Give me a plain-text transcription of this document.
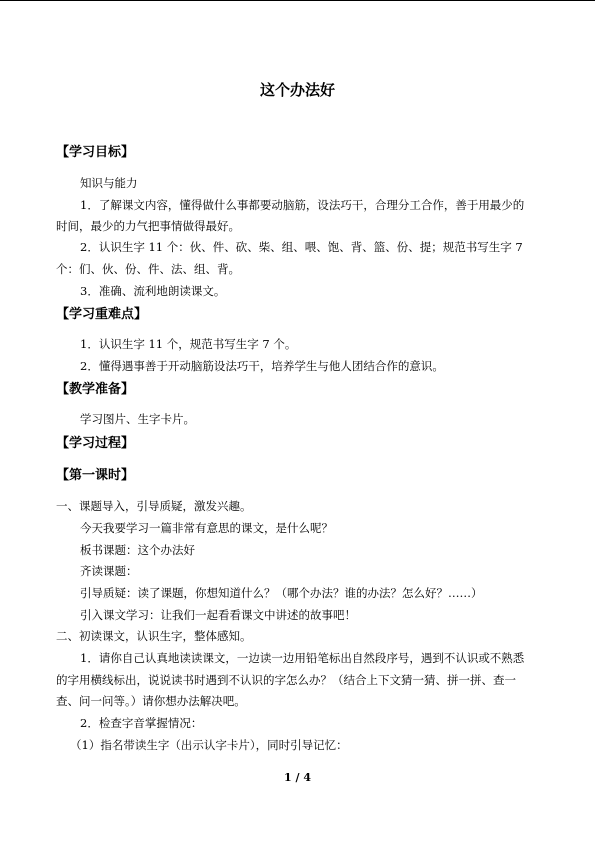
这个办法好
【学习目标】
知识与能力
1．了解课文内容，懂得做什么事都要动脑筋，设法巧干，合理分工合作，善于用最少的
时间，最少的力气把事情做得最好。
2．认识生字 11 个：伙、件、砍、柴、组、喂、饱、背、篮、份、提；规范书写生字 7
个：们、伙、份、件、法、组、背。
3．准确、流利地朗读课文。
【学习重难点】
1．认识生字 11 个，规范书写生字 7 个。
2．懂得遇事善于开动脑筋设法巧干，培养学生与他人团结合作的意识。
【教学准备】
学习图片、生字卡片。
【学习过程】
【第一课时】
一、课题导入，引导质疑，激发兴趣。
今天我要学习一篇非常有意思的课文，是什么呢？
板书课题：这个办法好
齐读课题：
引导质疑：读了课题，你想知道什么？（哪个办法？谁的办法？怎么好？……）
引入课文学习：让我们一起看看课文中讲述的故事吧！
二、初读课文，认识生字，整体感知。
1．请你自己认真地读读课文，一边读一边用铅笔标出自然段序号，遇到不认识或不熟悉
的字用横线标出，说说读书时遇到不认识的字怎么办？（结合上下文猜一猜、拼一拼、查一
查、问一问等。）请你想办法解决吧。
2．检查字音掌握情况：
（1）指名带读生字（出示认字卡片），同时引导记忆：
1 / 4
